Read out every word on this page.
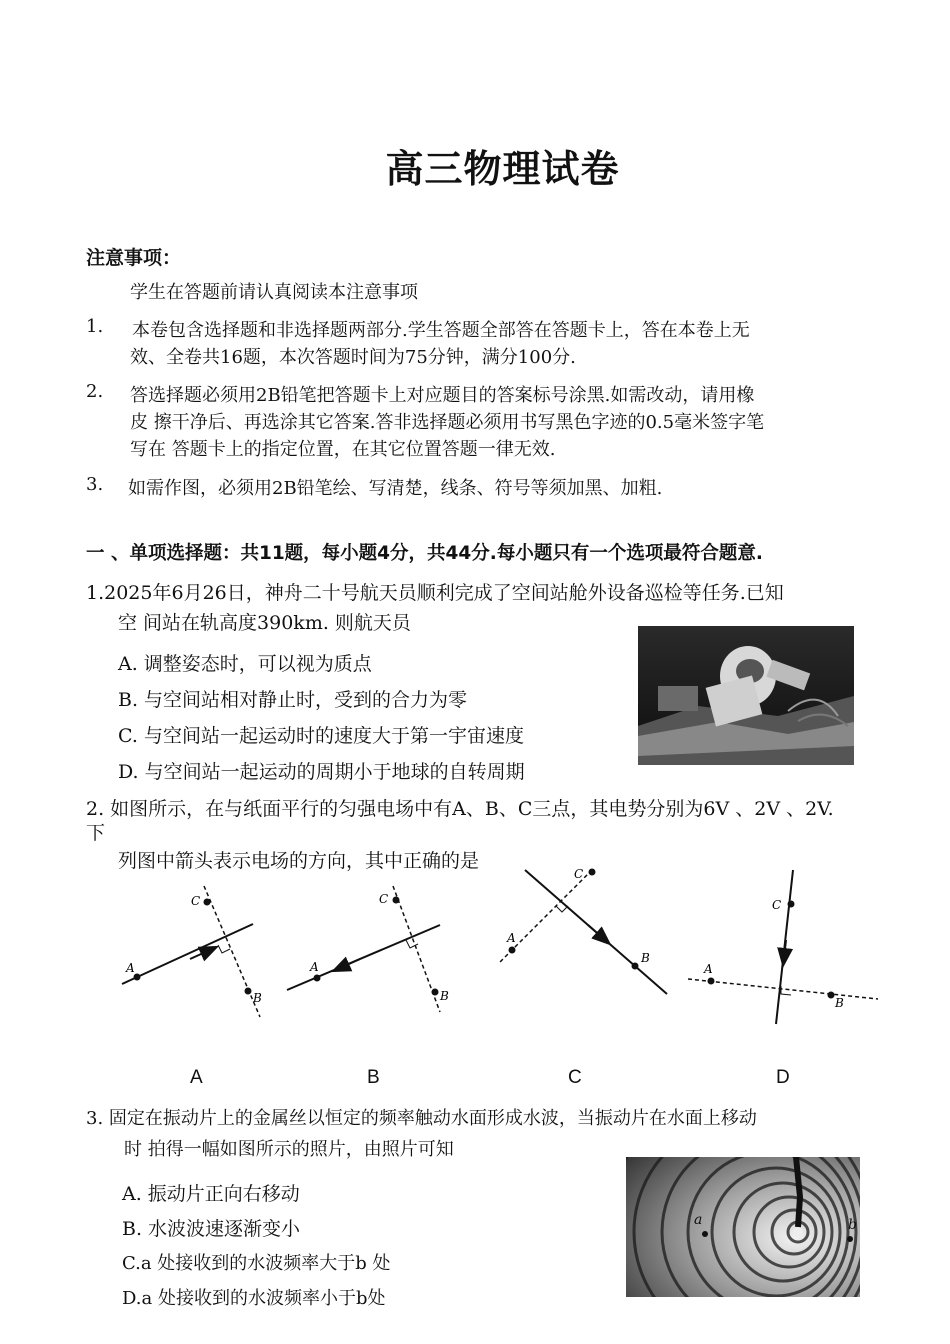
高三物理试卷
注意事项：
学生在答题前请认真阅读本注意事项
1. 本卷包含选择题和非选择题两部分.学生答题全部答在答题卡上，答在本卷上无
效、全卷共16题，本次答题时间为75分钟，满分100分.
2. 答选择题必须用2B铅笔把答题卡上对应题目的答案标号涂黑.如需改动，请用橡
皮 擦干净后、再选涂其它答案.答非选择题必须用书写黑色字迹的0.5毫米签字笔
写在 答题卡上的指定位置，在其它位置答题一律无效.
3. 如需作图，必须用2B铅笔绘、写清楚，线条、符号等须加黑、加粗.
一 、单项选择题：共11题，每小题4分，共44分.每小题只有一个选项最符合题意.
1.2025年6月26日，神舟二十号航天员顺利完成了空间站舱外设备巡检等任务.已知
空 间站在轨高度390km. 则航天员
A. 调整姿态时，可以视为质点
B. 与空间站相对静止时，受到的合力为零
C. 与空间站一起运动时的速度大于第一宇宙速度
D. 与空间站一起运动的周期小于地球的自转周期
2. 如图所示，在与纸面平行的匀强电场中有A、B、C三点，其电势分别为6V 、2V 、2V.
下
列图中箭头表示电场的方向，其中正确的是
A
C
B
A
C
B
A
C
B
A
C
B
A	B	C	D
3. 固定在振动片上的金属丝以恒定的频率触动水面形成水波，当振动片在水面上移动
时 拍得一幅如图所示的照片，由照片可知
A. 振动片正向右移动
B. 水波波速逐渐变小
C.a 处接收到的水波频率大于b 处
D.a 处接收到的水波频率小于b处
a	b
